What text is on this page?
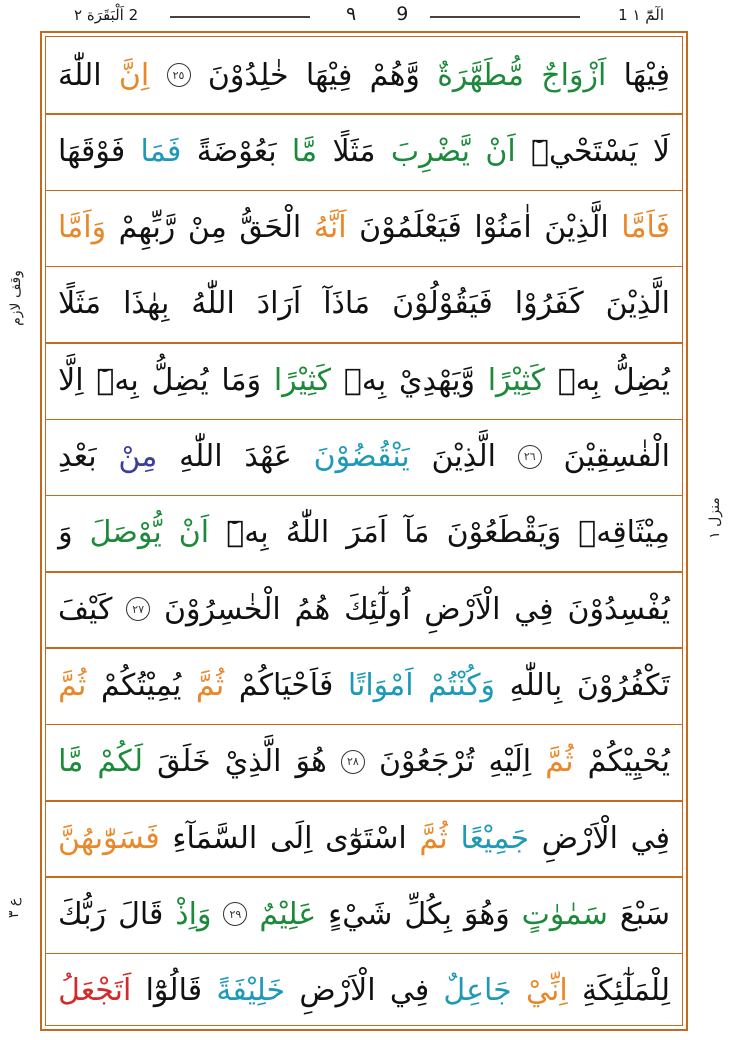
2 اَلْبَقَرَة ٢	٩ 9	الٓمّٓ ١ 1
وقف لازم
منزل ١
ع ٣
فِيْهَا
اَزْوَاجٌ
مُّطَهَّرَةٌ
وَّهُمْ
فِيْهَا
خٰلِدُوْنَ
٢٥
اِنَّ
اللّٰهَ
لَا
يَسْتَحْيٖٓ
اَنْ
يَّضْرِبَ
مَثَلًا
مَّا
بَعُوْضَةً
فَمَا
فَوْقَهَا
فَاَمَّا
الَّذِيْنَ
اٰمَنُوْا
فَيَعْلَمُوْنَ
اَنَّهُ
الْحَقُّ
مِنْ
رَّبِّهِمْ
وَاَمَّا
الَّذِيْنَ
كَفَرُوْا
فَيَقُوْلُوْنَ
مَاذَآ
اَرَادَ
اللّٰهُ
بِهٰذَا
مَثَلًا
يُضِلُّ
بِهٖ
كَثِيْرًا
وَّيَهْدِيْ
بِهٖ
كَثِيْرًا
وَمَا
يُضِلُّ
بِهٖٓ
اِلَّا
الْفٰسِقِيْنَ
٢٦
الَّذِيْنَ
يَنْقُضُوْنَ
عَهْدَ
اللّٰهِ
مِنْ
بَعْدِ
مِيْثَاقِهٖ
وَيَقْطَعُوْنَ
مَآ
اَمَرَ
اللّٰهُ
بِهٖٓ
اَنْ
يُّوْصَلَ
وَ
يُفْسِدُوْنَ
فِي
الْاَرْضِ
اُولٰٓئِكَ
هُمُ
الْخٰسِرُوْنَ
٢٧
كَيْفَ
تَكْفُرُوْنَ
بِاللّٰهِ
وَكُنْتُمْ
اَمْوَاتًا
فَاَحْيَاكُمْ
ثُمَّ
يُمِيْتُكُمْ
ثُمَّ
يُحْيِيْكُمْ
ثُمَّ
اِلَيْهِ
تُرْجَعُوْنَ
٢٨
هُوَ
الَّذِيْ
خَلَقَ
لَكُمْ
مَّا
فِي
الْاَرْضِ
جَمِيْعًا
ثُمَّ
اسْتَوٰٓى
اِلَى
السَّمَآءِ
فَسَوّٰىهُنَّ
سَبْعَ
سَمٰوٰتٍ
وَهُوَ
بِكُلِّ
شَيْءٍ
عَلِيْمٌ
٢٩
وَاِذْ
قَالَ
رَبُّكَ
لِلْمَلٰٓئِكَةِ
اِنِّيْ
جَاعِلٌ
فِي
الْاَرْضِ
خَلِيْفَةً
قَالُوْٓا
اَتَجْعَلُ
